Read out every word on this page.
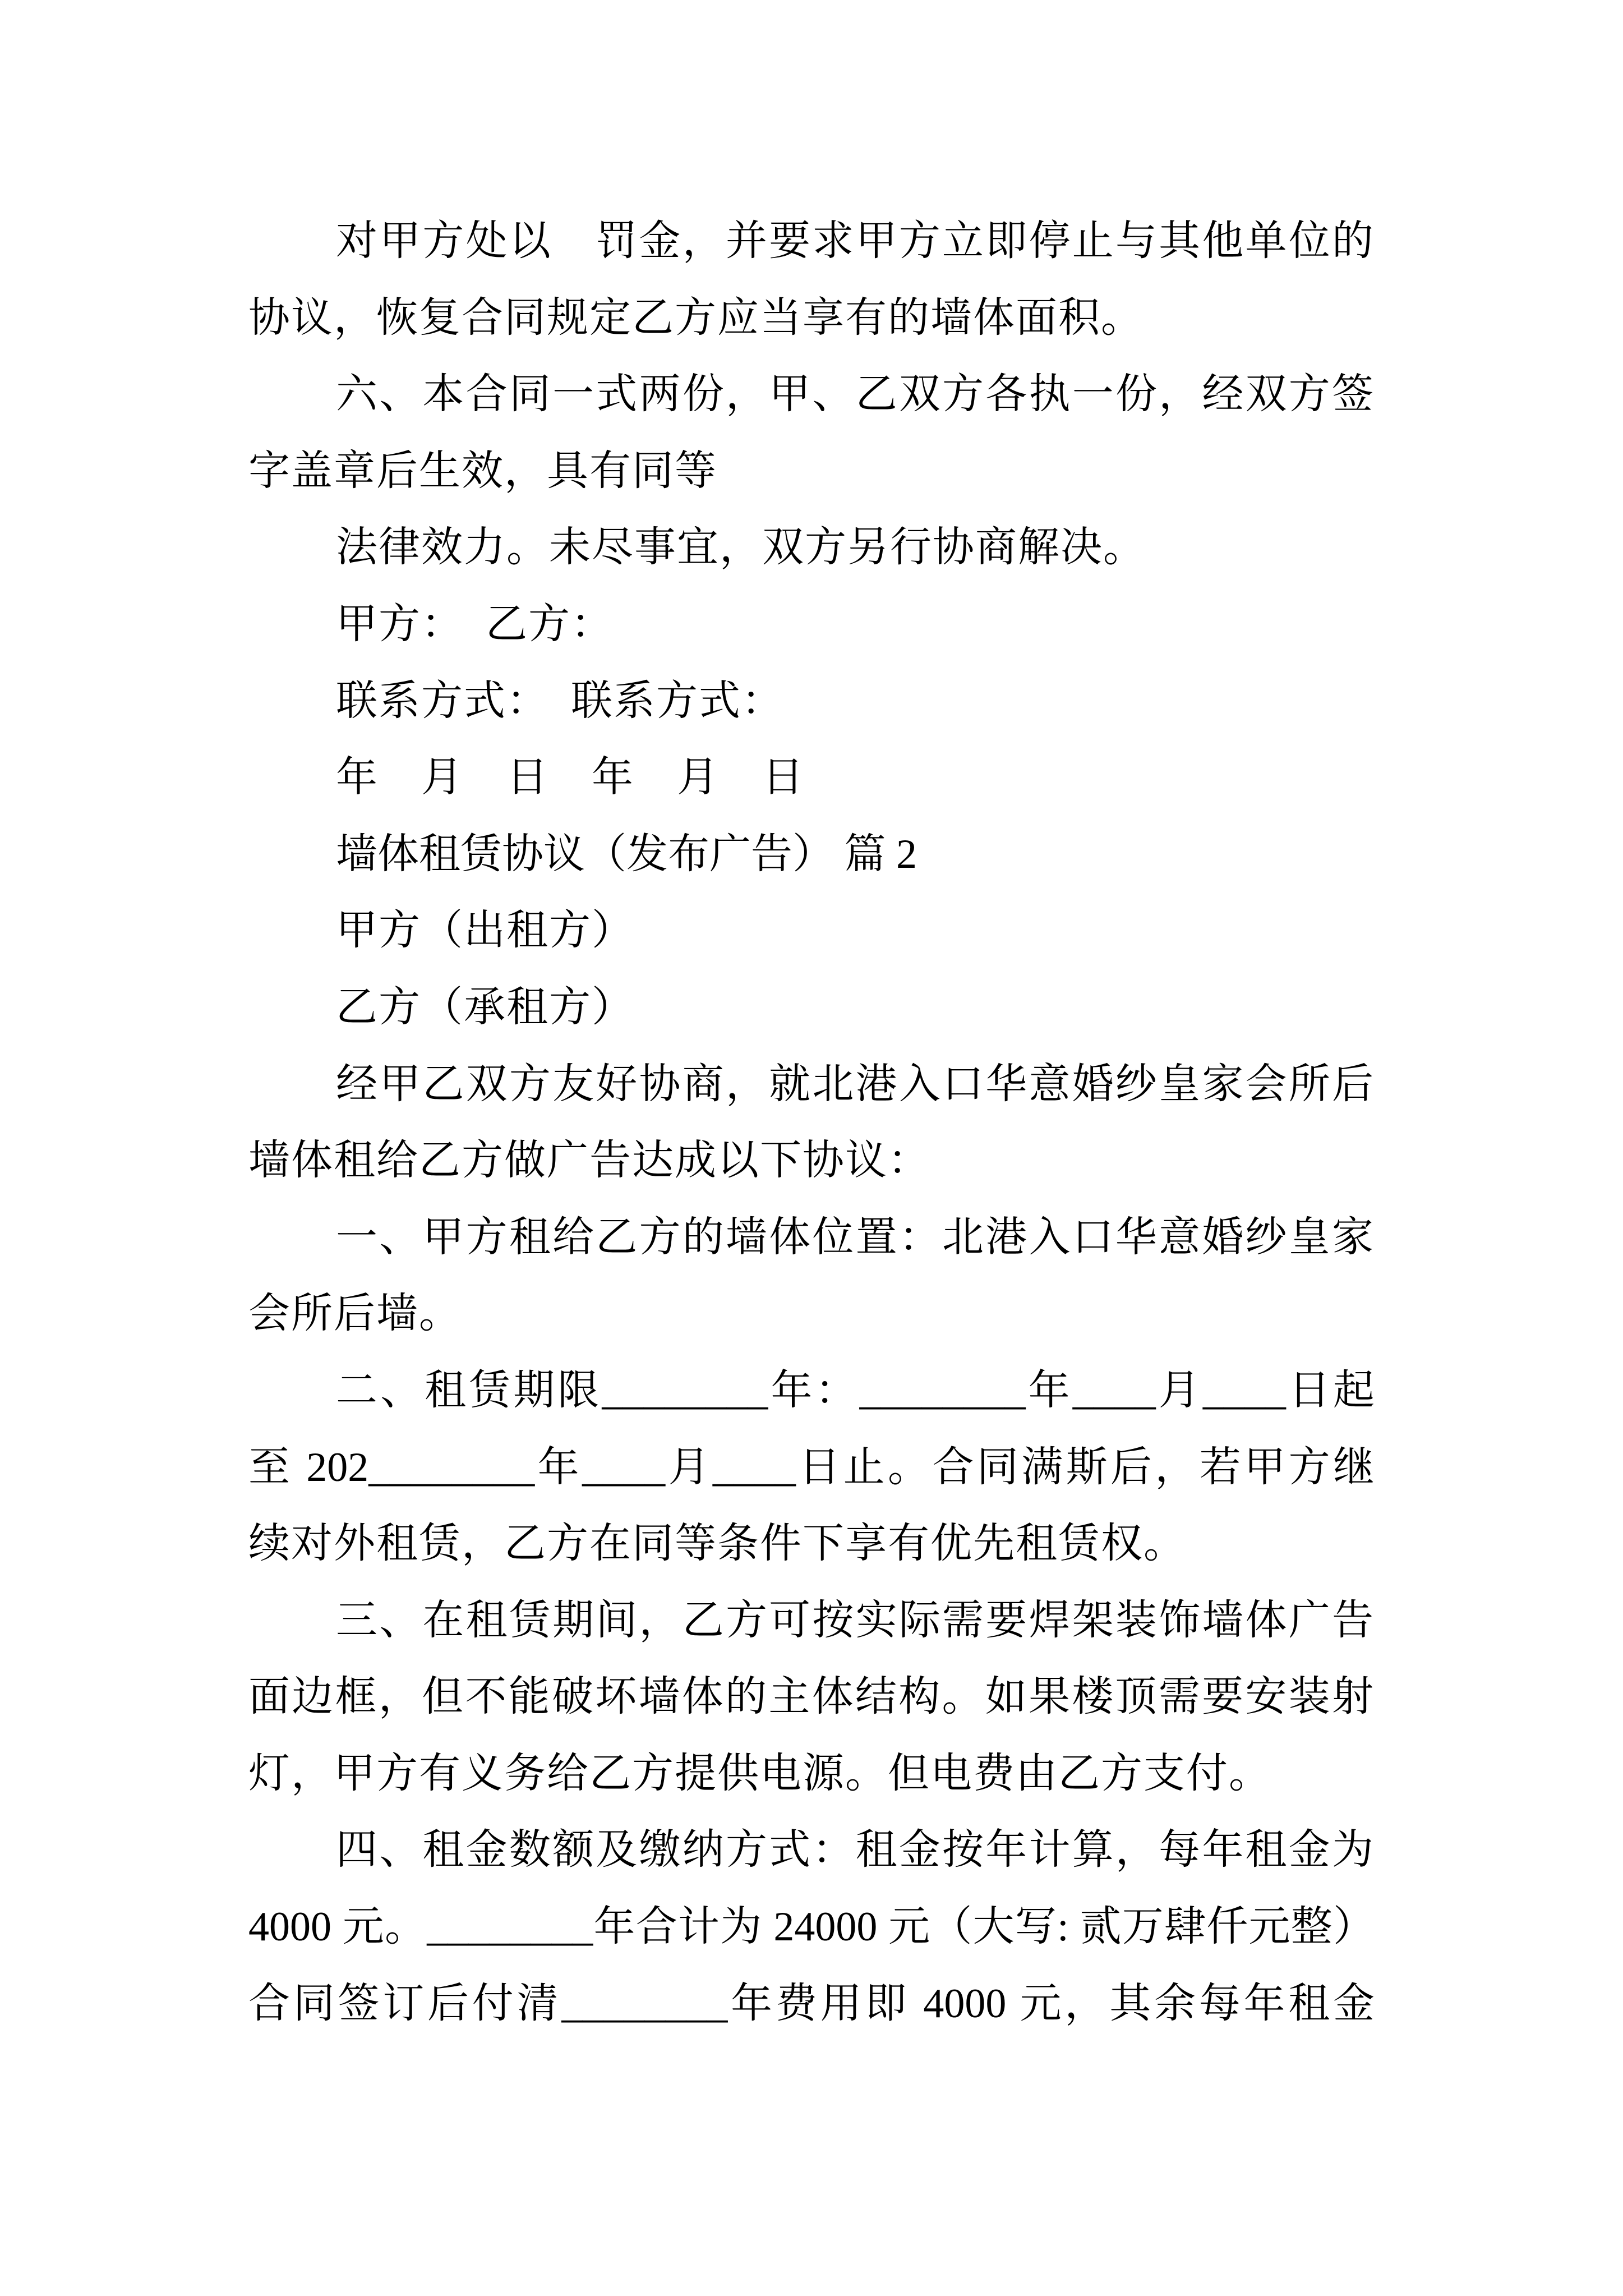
对甲方处以　罚金，并要求甲方立即停止与其他单位的
协议，恢复合同规定乙方应当享有的墙体面积。
六、本合同一式两份，甲、乙双方各执一份，经双方签
字盖章后生效，具有同等
法律效力。未尽事宜，双方另行协商解决。
甲方：　乙方：
联系方式：　联系方式：
年　月　日　年　月　日
墙体租赁协议（发布广告） 篇 2
甲方（出租方）
乙方（承租方）
经甲乙双方友好协商，就北港入口华意婚纱皇家会所后
墙体租给乙方做广告达成以下协议：
一、甲方租给乙方的墙体位置：北港入口华意婚纱皇家
会所后墙。
二、租赁期限________年：________年____月____日起
至 202________年____月____日止。合同满斯后，若甲方继
续对外租赁，乙方在同等条件下享有优先租赁权。
三、在租赁期间，乙方可按实际需要焊架装饰墙体广告
面边框，但不能破坏墙体的主体结构。如果楼顶需要安装射
灯，甲方有义务给乙方提供电源。但电费由乙方支付。
四、租金数额及缴纳方式：租金按年计算，每年租金为
4000 元。________年合计为 24000 元（大写: 贰万肆仟元整）
合同签订后付清________年费用即 4000 元，其余每年租金
